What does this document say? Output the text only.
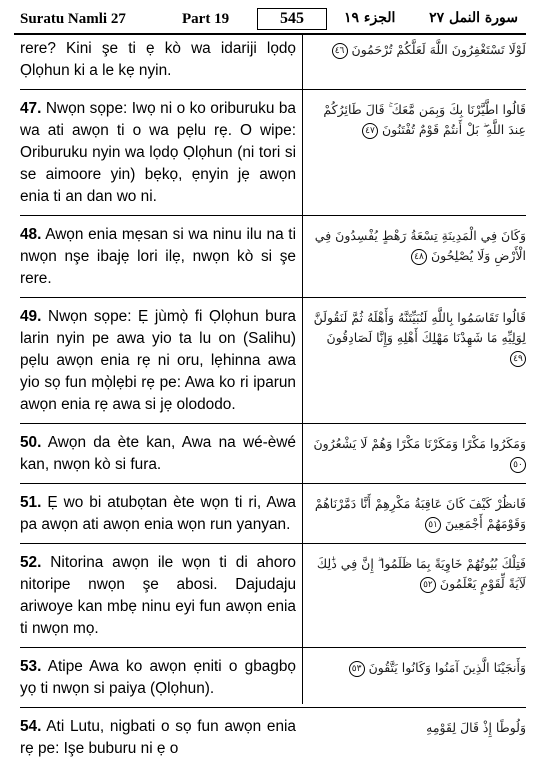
Suratu Namli 27	Part 19	545	الجزء ١٩ سورة النمل ٢٧
rere? Kini şe ti ẹ kò wa idariji lọdọ Ọlọhun ki a le kẹ nyin.
لَوْلَا تَسْتَغْفِرُونَ اللَّهَ لَعَلَّكُمْ تُرْحَمُونَ ٤٦
47. Nwọn sọpe: Iwọ ni o ko oriburuku ba wa ati awọn ti o wa pẹlu rẹ. O wipe: Oriburuku nyin wa lọdọ Ọlọhun (ni tori si se aimoore yin) bẹkọ, ẹnyin jẹ awọn enia ti an dan wo ni.
قَالُوا اطَّيَّرْنَا بِكَ وَبِمَن مَّعَكَ ۚ قَالَ طَائِرُكُمْ عِندَ اللَّهِ ۖ بَلْ أَنتُمْ قَوْمٌ تُفْتَنُونَ ٤٧
48. Awọn enia mẹsan si wa ninu ilu na ti nwọn nşe ibajẹ lori ilẹ, nwọn kò si şe rere.
وَكَانَ فِي الْمَدِينَةِ تِسْعَةُ رَهْطٍ يُفْسِدُونَ فِي الْأَرْضِ وَلَا يُصْلِحُونَ ٤٨
49. Nwọn sọpe: Ẹ jùmọ̀ fi Ọlọhun bura larin nyin pe awa yio ta lu on (Salihu) pẹlu awọn enia rẹ ni oru, lẹhinna awa yio sọ fun mọ̀lẹbi rẹ pe: Awa ko ri iparun awọn enia rẹ awa si jẹ olododo.
قَالُوا تَقَاسَمُوا بِاللَّهِ لَنُبَيِّتَنَّهُ وَأَهْلَهُ ثُمَّ لَنَقُولَنَّ لِوَلِيِّهِ مَا شَهِدْنَا مَهْلِكَ أَهْلِهِ وَإِنَّا لَصَادِقُونَ ٤٩
50. Awọn da ète kan, Awa na wé-èwé kan, nwọn kò si fura.
وَمَكَرُوا مَكْرًا وَمَكَرْنَا مَكْرًا وَهُمْ لَا يَشْعُرُونَ ٥٠
51. Ẹ wo bi atubọtan ète wọn ti ri, Awa pa awọn ati awọn enia wọn run yanyan.
فَانظُرْ كَيْفَ كَانَ عَاقِبَةُ مَكْرِهِمْ أَنَّا دَمَّرْنَاهُمْ وَقَوْمَهُمْ أَجْمَعِينَ ٥١
52. Nitorina awọn ile wọn ti di ahoro nitoripe nwọn şe abosi. Dajudaju ariwoye kan mbẹ ninu eyi fun awọn enia ti nwọn mọ.
فَتِلْكَ بُيُوتُهُمْ خَاوِيَةً بِمَا ظَلَمُوا ۗ إِنَّ فِي ذَٰلِكَ لَآيَةً لِّقَوْمٍ يَعْلَمُونَ ٥٢
53. Atipe Awa ko awọn ẹniti o gbagbọ yọ ti nwọn si paiya (Ọlọhun).
وَأَنجَيْنَا الَّذِينَ آمَنُوا وَكَانُوا يَتَّقُونَ ٥٣
54. Ati Lutu, nigbati o sọ fun awọn enia rẹ pe: Işe buburu ni ẹ o
وَلُوطًا إِذْ قَالَ لِقَوْمِهِ
